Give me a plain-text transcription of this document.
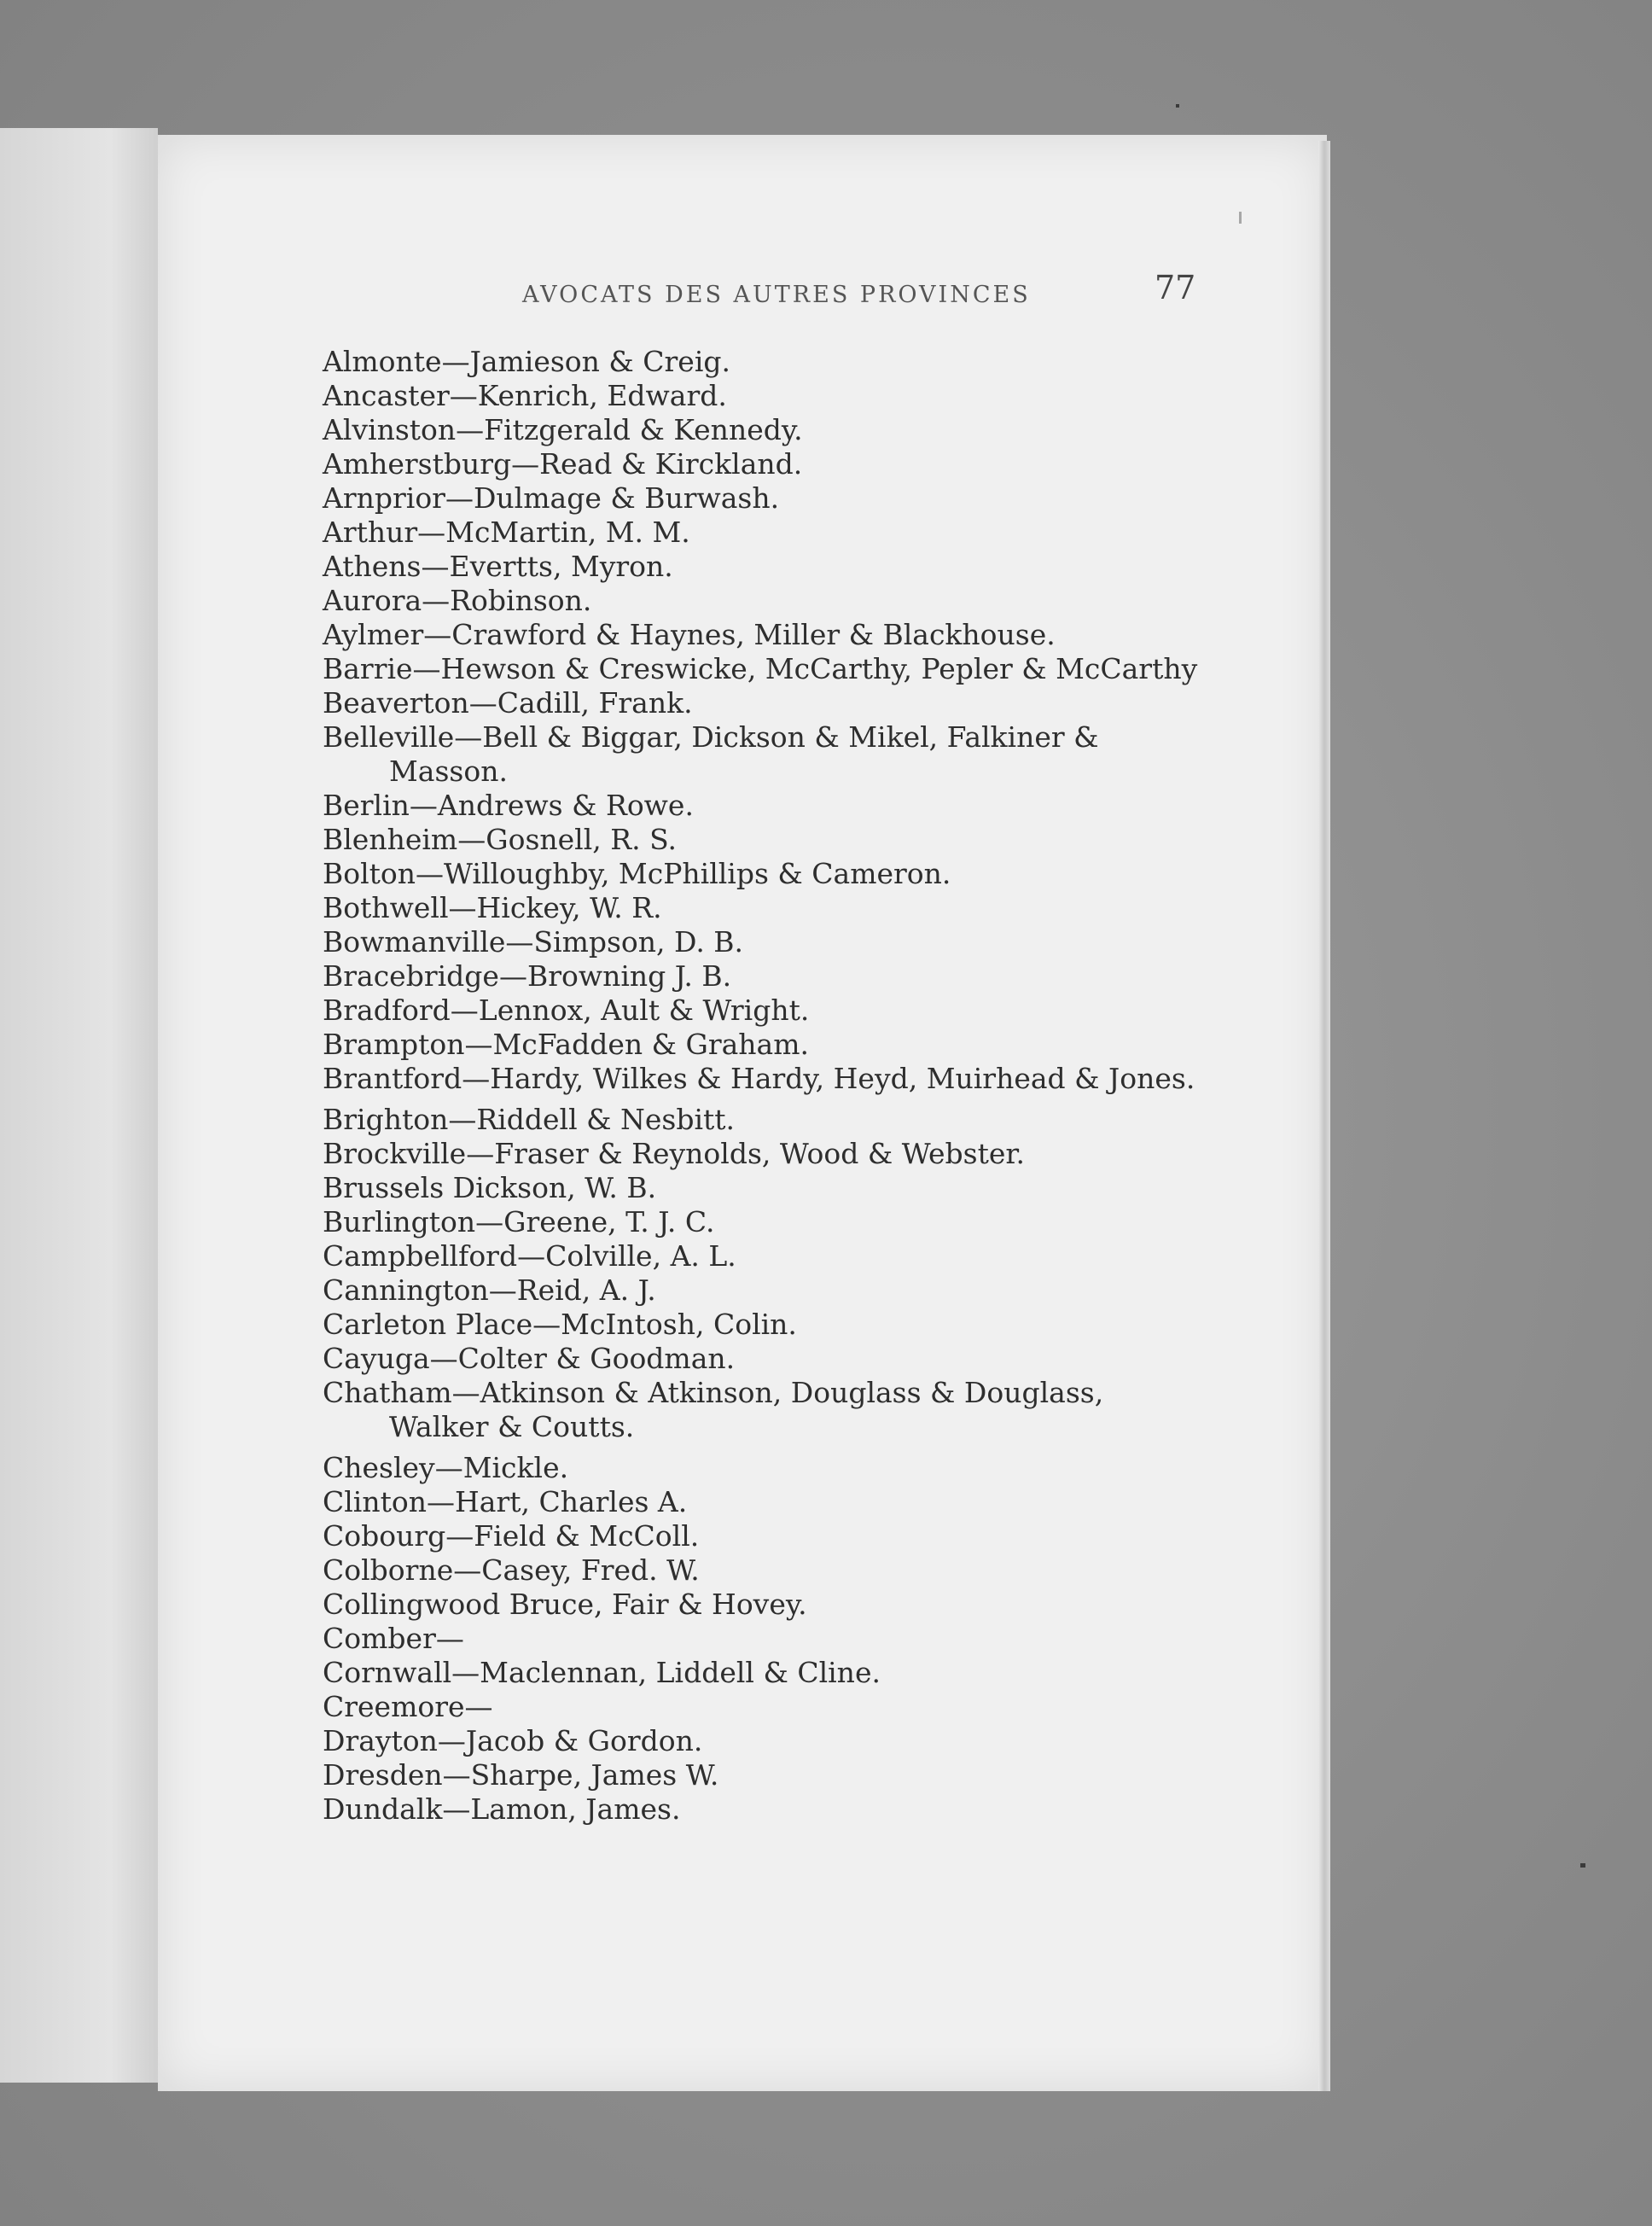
AVOCATS DES AUTRES PROVINCES	77

Almonte—Jamieson & Creig.

Ancaster—Kenrich, Edward.

Alvinston—Fitzgerald & Kennedy.

Amherstburg—Read & Kirckland.

Arnprior—Dulmage & Burwash.

Arthur—McMartin, M. M.

Athens—Evertts, Myron.

Aurora—Robinson.

Aylmer—Crawford & Haynes, Miller & Blackhouse.

Barrie—Hewson & Creswicke, McCarthy, Pepler & McCarthy

Beaverton—Cadill, Frank.

Belleville—Bell & Biggar, Dickson & Mikel, Falkiner & Masson.

Berlin—Andrews & Rowe.

Blenheim—Gosnell, R. S.

Bolton—Willoughby, McPhillips & Cameron.

Bothwell—Hickey, W. R.

Bowmanville—Simpson, D. B.

Bracebridge—Browning J. B.

Bradford—Lennox, Ault & Wright.

Brampton—McFadden & Graham.

Brantford—Hardy, Wilkes & Hardy, Heyd, Muirhead & Jones.

Brighton—Riddell & Nesbitt.

Brockville—Fraser & Reynolds, Wood & Webster.

Brussels Dickson, W. B.

Burlington—Greene, T. J. C.

Campbellford—Colville, A. L.

Cannington—Reid, A. J.

Carleton Place—McIntosh, Colin.

Cayuga—Colter & Goodman.

Chatham—Atkinson & Atkinson, Douglass & Douglass, Walker & Coutts.

Chesley—Mickle.

Clinton—Hart, Charles A.

Cobourg—Field & McColl.

Colborne—Casey, Fred. W.

Collingwood Bruce, Fair & Hovey.

Comber—

Cornwall—Maclennan, Liddell & Cline.

Creemore—

Drayton—Jacob & Gordon.

Dresden—Sharpe, James W.

Dundalk—Lamon, James.
